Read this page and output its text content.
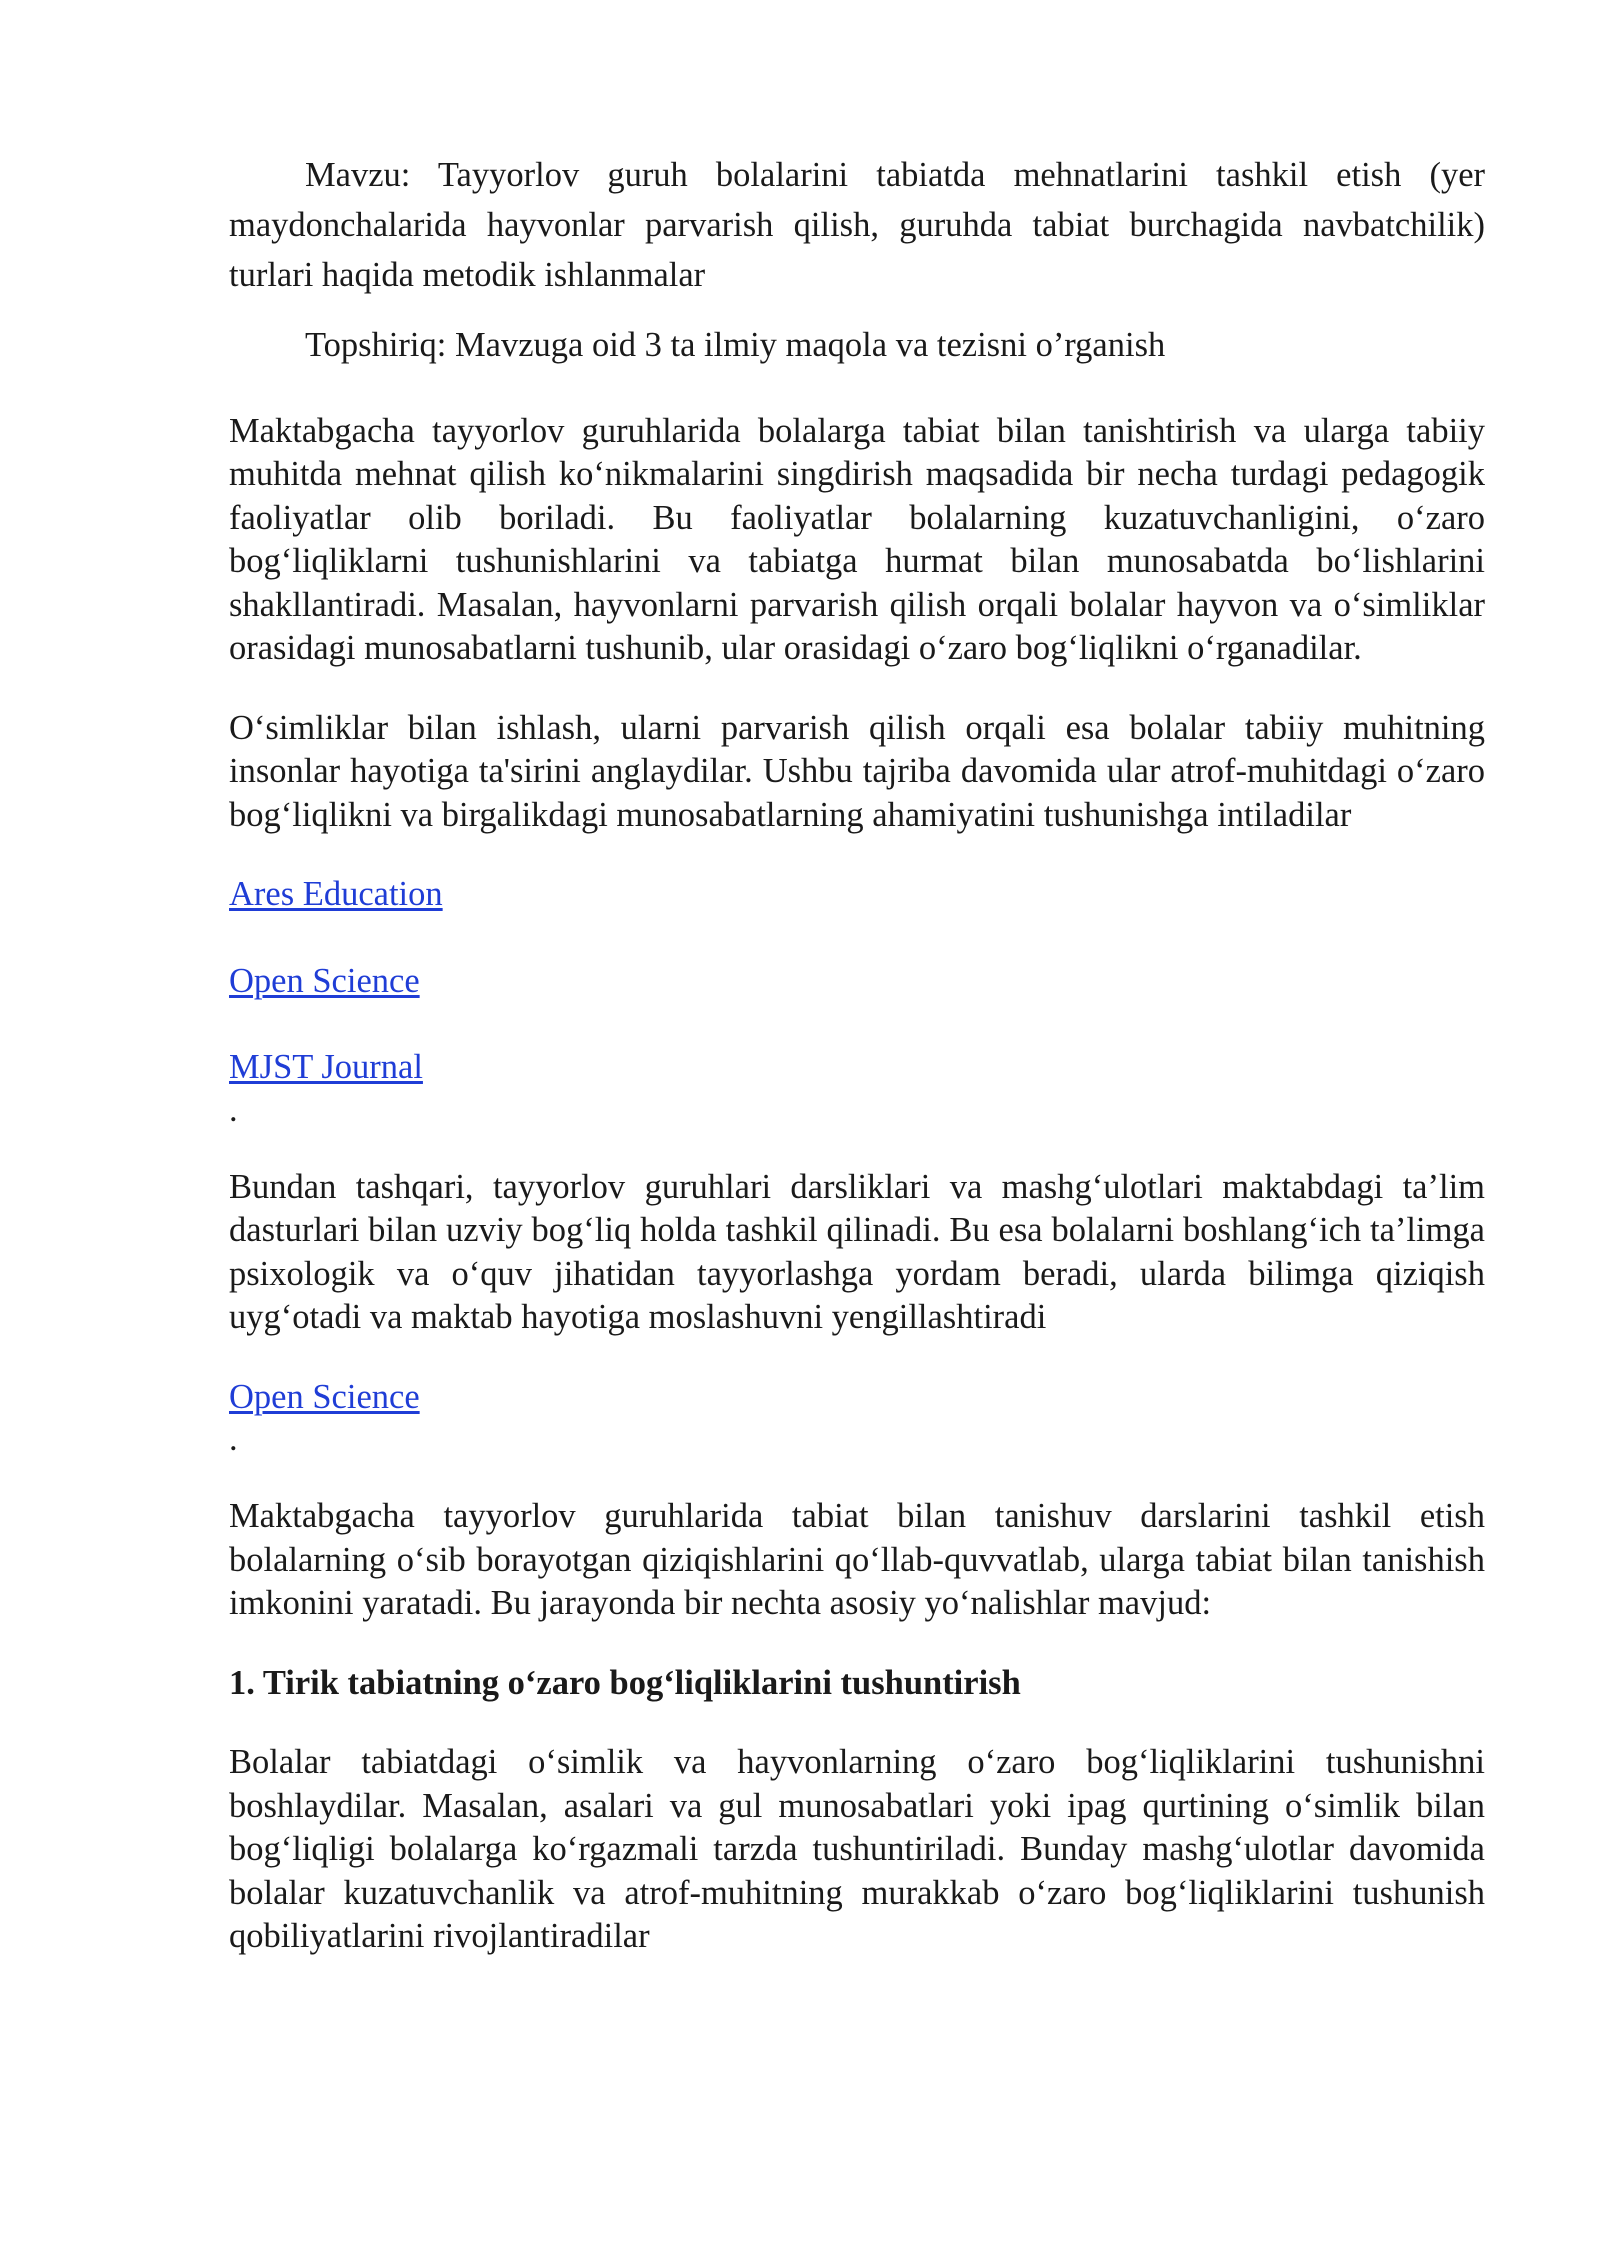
Mavzu: Tayyorlov guruh bolalarini tabiatda mehnatlarini tashkil etish (yer maydonchalarida hayvonlar parvarish qilish, guruhda tabiat burchagida navbatchilik) turlari haqida metodik ishlanmalar

Topshiriq: Mavzuga oid 3 ta ilmiy maqola va tezisni o’rganish

Maktabgacha tayyorlov guruhlarida bolalarga tabiat bilan tanishtirish va ularga tabiiy muhitda mehnat qilish ko‘nikmalarini singdirish maqsadida bir necha turdagi pedagogik faoliyatlar olib boriladi. Bu faoliyatlar bolalarning kuzatuvchanligini, o‘zaro bog‘liqliklarni tushunishlarini va tabiatga hurmat bilan munosabatda bo‘lishlarini shakllantiradi. Masalan, hayvonlarni parvarish qilish orqali bolalar hayvon va o‘simliklar orasidagi munosabatlarni tushunib, ular orasidagi o‘zaro bog‘liqlikni o‘rganadilar.

O‘simliklar bilan ishlash, ularni parvarish qilish orqali esa bolalar tabiiy muhitning insonlar hayotiga ta'sirini anglaydilar. Ushbu tajriba davomida ular atrof-muhitdagi o‘zaro bog‘liqlikni va birgalikdagi munosabatlarning ahamiyatini tushunishga intiladilar

Ares Education

Open Science

MJST Journal

.

Bundan tashqari, tayyorlov guruhlari darsliklari va mashg‘ulotlari maktabdagi ta’lim dasturlari bilan uzviy bog‘liq holda tashkil qilinadi. Bu esa bolalarni boshlang‘ich ta’limga psixologik va o‘quv jihatidan tayyorlashga yordam beradi, ularda bilimga qiziqish uyg‘otadi va maktab hayotiga moslashuvni yengillashtiradi

Open Science

.

Maktabgacha tayyorlov guruhlarida tabiat bilan tanishuv darslarini tashkil etish bolalarning o‘sib borayotgan qiziqishlarini qo‘llab-quvvatlab, ularga tabiat bilan tanishish imkonini yaratadi. Bu jarayonda bir nechta asosiy yo‘nalishlar mavjud:

1. Tirik tabiatning o‘zaro bog‘liqliklarini tushuntirish

Bolalar tabiatdagi o‘simlik va hayvonlarning o‘zaro bog‘liqliklarini tushunishni boshlaydilar. Masalan, asalari va gul munosabatlari yoki ipag qurtining o‘simlik bilan bog‘liqligi bolalarga ko‘rgazmali tarzda tushuntiriladi. Bunday mashg‘ulotlar davomida bolalar kuzatuvchanlik va atrof-muhitning murakkab o‘zaro bog‘liqliklarini tushunish qobiliyatlarini rivojlantiradilar
